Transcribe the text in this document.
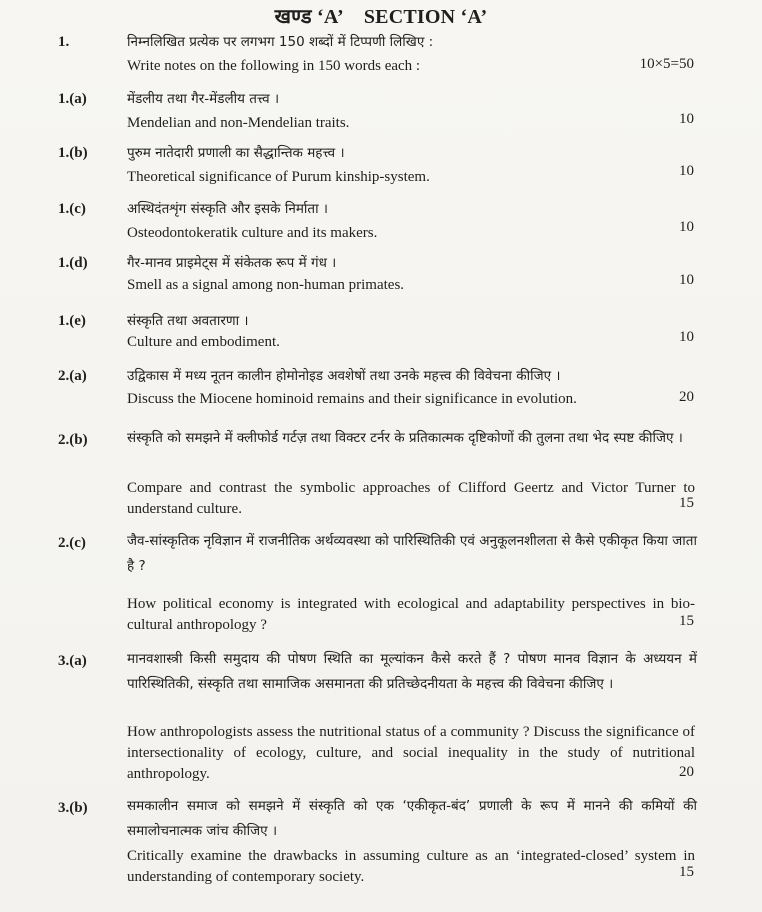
खण्ड ‘A’ SECTION ‘A’
1.	निम्नलिखित प्रत्येक पर लगभग 150 शब्दों में टिप्पणी लिखिए :
Write notes on the following in 150 words each :	10×5=50
1.(a)	मेंडलीय तथा गैर-मेंडलीय तत्त्व ।
Mendelian and non-Mendelian traits.	10
1.(b)	पुरुम नातेदारी प्रणाली का सैद्धान्तिक महत्त्व ।
Theoretical significance of Purum kinship-system.	10
1.(c)	अस्थिदंतशृंग संस्कृति और इसके निर्माता ।
Osteodontokeratik culture and its makers.	10
1.(d)	गैर-मानव प्राइमेट्स में संकेतक रूप में गंध ।
Smell as a signal among non-human primates.	10
1.(e)	संस्कृति तथा अवतारणा ।
Culture and embodiment.	10
2.(a)	उद्विकास में मध्य नूतन कालीन होमोनोइड अवशेषों तथा उनके महत्त्व की विवेचना कीजिए ।
Discuss the Miocene hominoid remains and their significance in evolution.	20
2.(b)	संस्कृति को समझने में क्लीफोर्ड गर्टज़ तथा विक्टर टर्नर के प्रतिकात्मक दृष्टिकोणों की तुलना तथा भेद स्पष्ट कीजिए ।
Compare and contrast the symbolic approaches of Clifford Geertz and Victor Turner to understand culture.	15
2.(c)	जैव-सांस्कृतिक नृविज्ञान में राजनीतिक अर्थव्यवस्था को पारिस्थितिकी एवं अनुकूलनशीलता से कैसे एकीकृत किया जाता है ?
How political economy is integrated with ecological and adaptability perspectives in bio-cultural anthropology ?	15
3.(a)	मानवशास्त्री किसी समुदाय की पोषण स्थिति का मूल्यांकन कैसे करते हैं ? पोषण मानव विज्ञान के अध्ययन में पारिस्थितिकी, संस्कृति तथा सामाजिक असमानता की प्रतिच्छेदनीयता के महत्त्व की विवेचना कीजिए ।
How anthropologists assess the nutritional status of a community ? Discuss the significance of intersectionality of ecology, culture, and social inequality in the study of nutritional anthropology.	20
3.(b)	समकालीन समाज को समझने में संस्कृति को एक ‘एकीकृत-बंद’ प्रणाली के रूप में मानने की कमियों की समालोचनात्मक जांच कीजिए ।
Critically examine the drawbacks in assuming culture as an ‘integrated-closed’ system in understanding of contemporary society.	15
